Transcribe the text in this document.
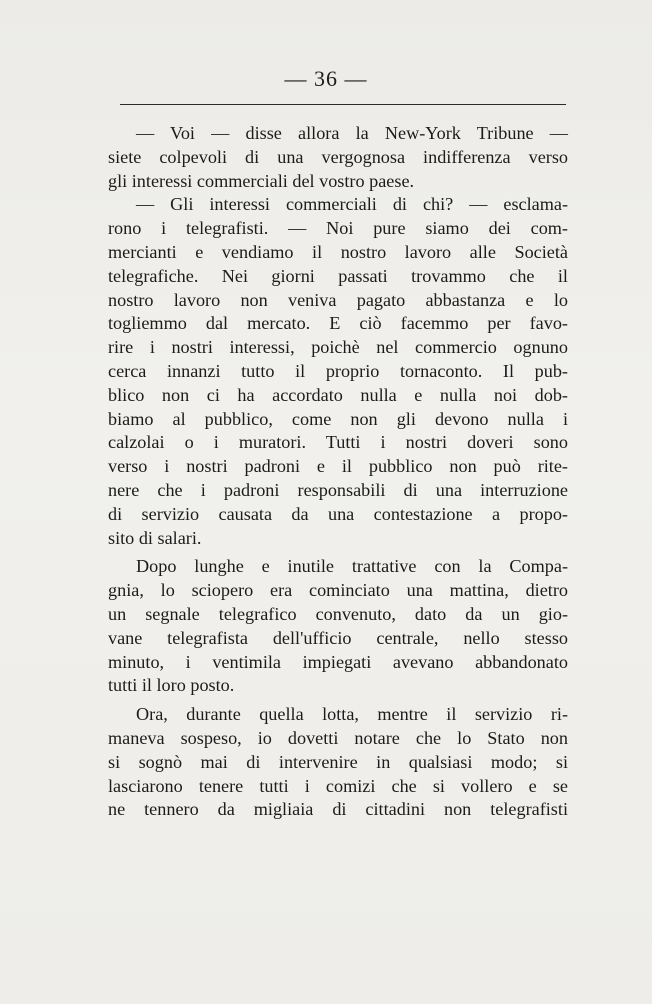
— 36 —
— Voi — disse allora la New-York Tribune —
siete colpevoli di una vergognosa indifferenza verso
gli interessi commerciali del vostro paese.
— Gli interessi commerciali di chi? — esclama-
rono i telegrafisti. — Noi pure siamo dei com-
mercianti e vendiamo il nostro lavoro alle Società
telegrafiche. Nei giorni passati trovammo che il
nostro lavoro non veniva pagato abbastanza e lo
togliemmo dal mercato. E ciò facemmo per favo-
rire i nostri interessi, poichè nel commercio ognuno
cerca innanzi tutto il proprio tornaconto. Il pub-
blico non ci ha accordato nulla e nulla noi dob-
biamo al pubblico, come non gli devono nulla i
calzolai o i muratori. Tutti i nostri doveri sono
verso i nostri padroni e il pubblico non può rite-
nere che i padroni responsabili di una interruzione
di servizio causata da una contestazione a propo-
sito di salari.
Dopo lunghe e inutile trattative con la Compa-
gnia, lo sciopero era cominciato una mattina, dietro
un segnale telegrafico convenuto, dato da un gio-
vane telegrafista dell'ufficio centrale, nello stesso
minuto, i ventimila impiegati avevano abbandonato
tutti il loro posto.
Ora, durante quella lotta, mentre il servizio ri-
maneva sospeso, io dovetti notare che lo Stato non
si sognò mai di intervenire in qualsiasi modo; si
lasciarono tenere tutti i comizi che si vollero e se
ne tennero da migliaia di cittadini non telegrafisti
